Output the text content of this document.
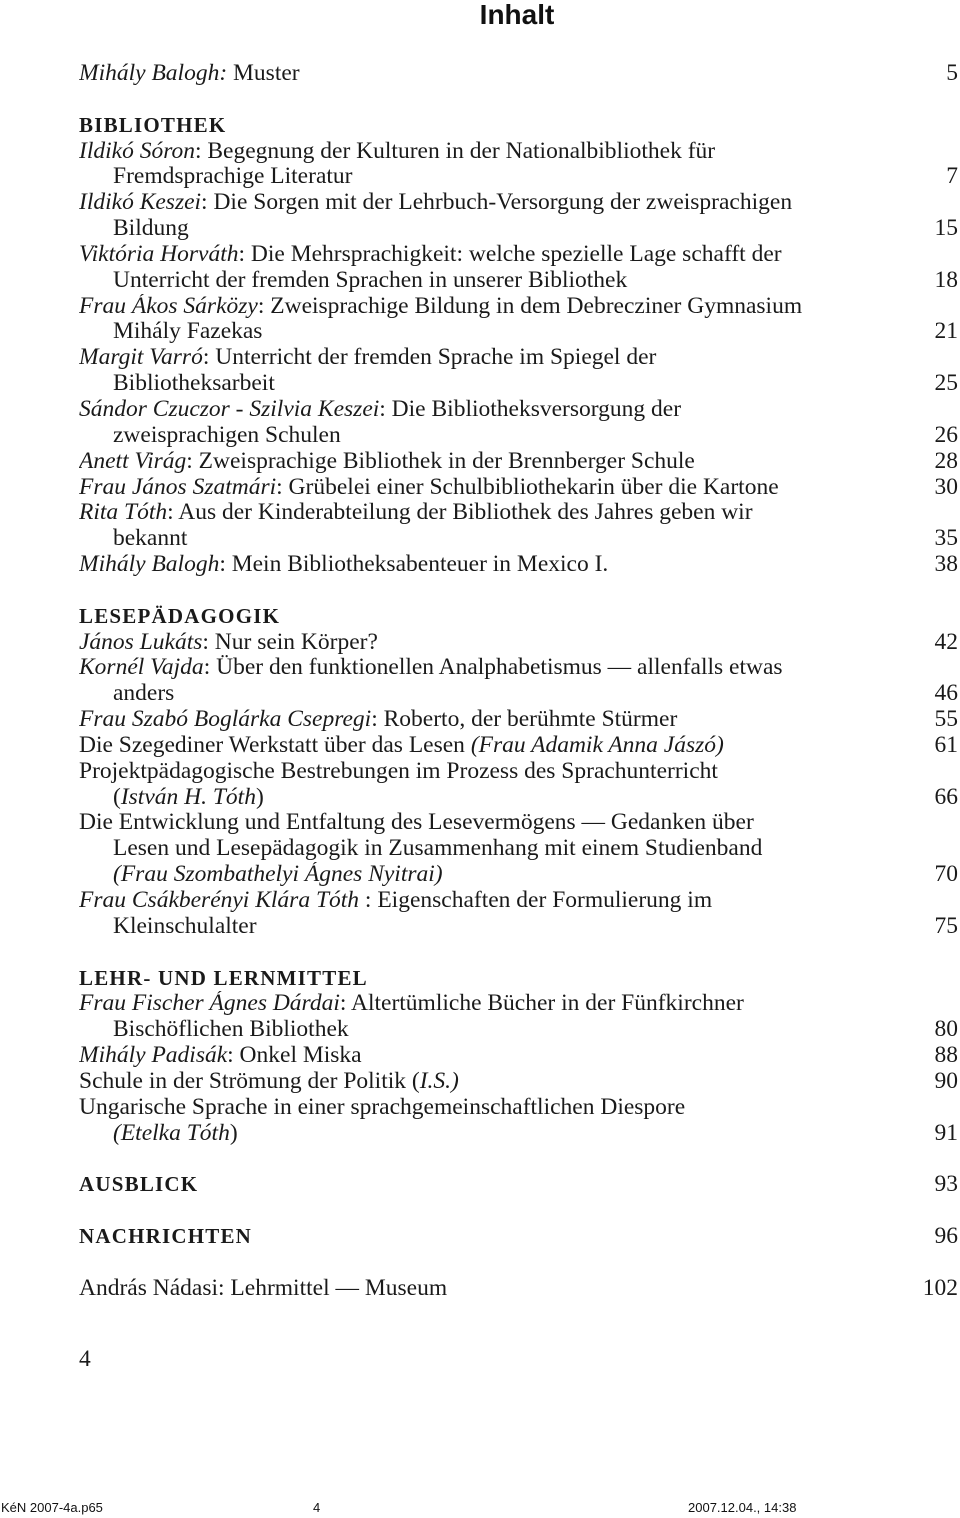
Inhalt
Mihály Balogh: Muster	5
BIBLIOTHEK
Ildikó Sóron: Begegnung der Kulturen in der Nationalbibliothek für
Fremdsprachige Literatur	7
Ildikó Keszei: Die Sorgen mit der Lehrbuch-Versorgung der zweisprachigen
Bildung	15
Viktória Horváth: Die Mehrsprachigkeit: welche spezielle Lage schafft der
Unterricht der fremden Sprachen in unserer Bibliothek	18
Frau Ákos Sárközy: Zweisprachige Bildung in dem Debrecziner Gymnasium
Mihály Fazekas	21
Margit Varró: Unterricht der fremden Sprache im Spiegel der
Bibliotheksarbeit	25
Sándor Czuczor - Szilvia Keszei: Die Bibliotheksversorgung der
zweisprachigen Schulen	26
Anett Virág: Zweisprachige Bibliothek in der Brennberger Schule	28
Frau János Szatmári: Grübelei einer Schulbibliothekarin über die Kartone	30
Rita Tóth: Aus der Kinderabteilung der Bibliothek des Jahres geben wir
bekannt	35
Mihály Balogh: Mein Bibliotheksabenteuer in Mexico I.	38
LESEPÄDAGOGIK
János Lukáts: Nur sein Körper?	42
Kornél Vajda: Über den funktionellen Analphabetismus — allenfalls etwas
anders	46
Frau Szabó Boglárka Csepregi: Roberto, der berühmte Stürmer	55
Die Szegediner Werkstatt über das Lesen (Frau Adamik Anna Jászó)	61
Projektpädagogische Bestrebungen im Prozess des Sprachunterricht
(István H. Tóth)	66
Die Entwicklung und Entfaltung des Lesevermögens — Gedanken über
Lesen und Lesepädagogik in Zusammenhang mit einem Studienband
(Frau Szombathelyi Ágnes Nyitrai)	70
Frau Csákberényi Klára Tóth : Eigenschaften der Formulierung im
Kleinschulalter	75
LEHR- UND LERNMITTEL
Frau Fischer Ágnes Dárdai: Altertümliche Bücher in der Fünfkirchner
Bischöflichen Bibliothek	80
Mihály Padisák: Onkel Miska	88
Schule in der Strömung der Politik (I.S.)	90
Ungarische Sprache in einer sprachgemeinschaftlichen Diespore
(Etelka Tóth)	91
AUSBLICK	93
NACHRICHTEN	96
András Nádasi: Lehrmittel — Museum	102
4
KéN 2007-4a.p65	4	2007.12.04., 14:38
